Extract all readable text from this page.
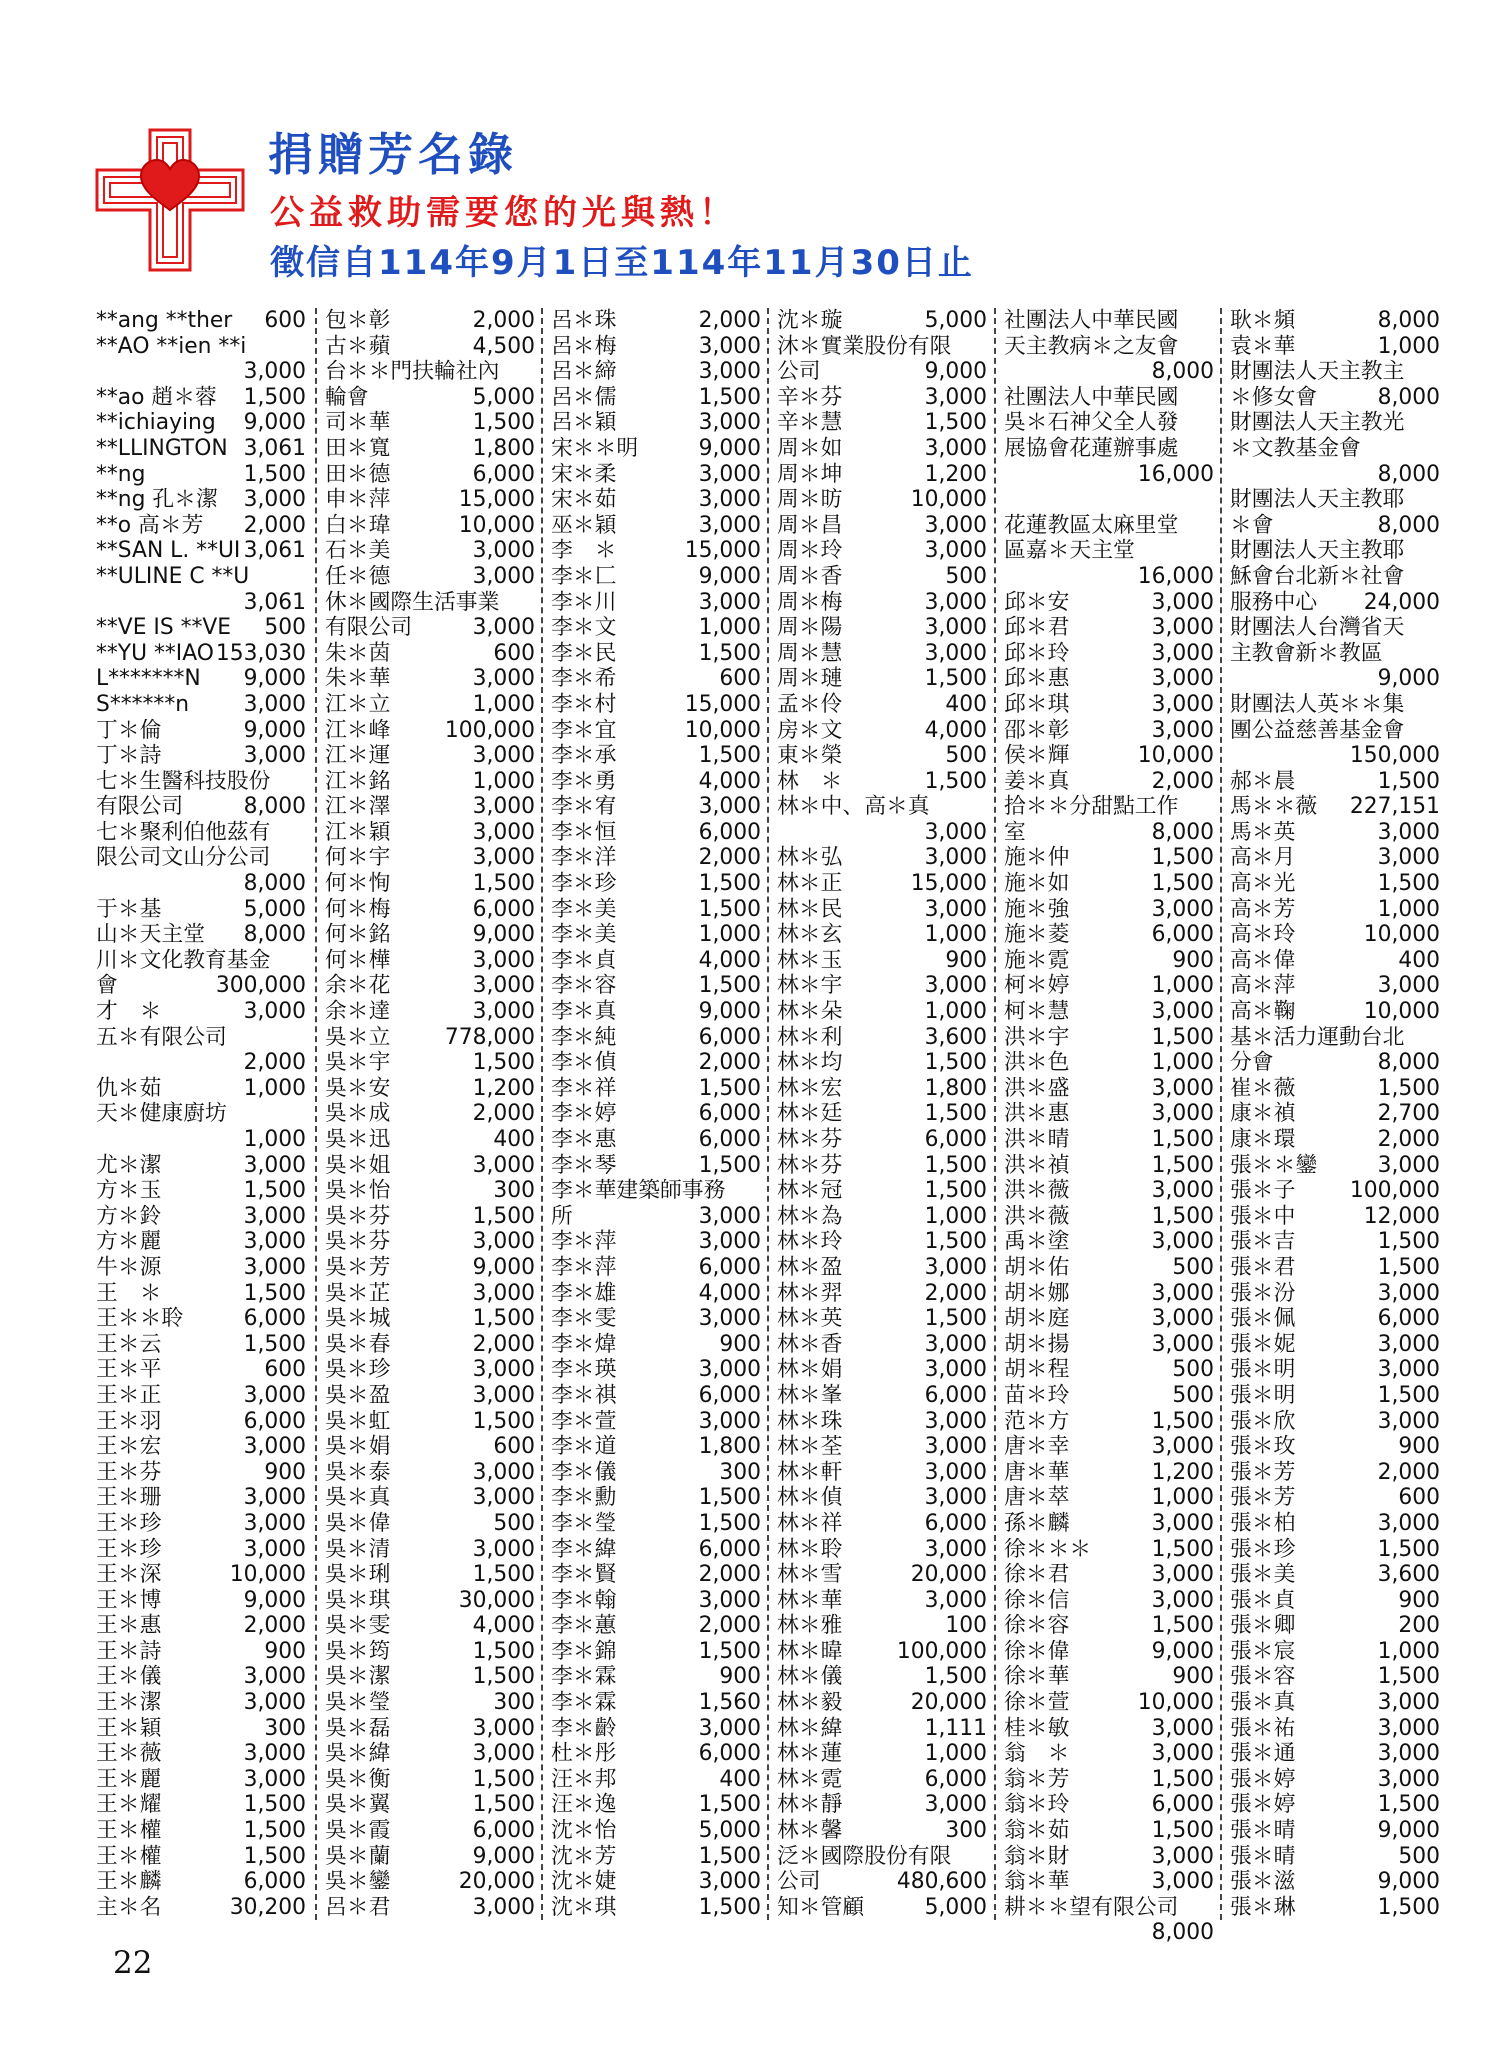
捐贈芳名錄
公益救助需要您的光與熱！
徵信自114年9月1日至114年11月30日止
**ang **ther	600
**AO **ien **i
3,000
**ao 趙＊蓉	1,500
**ichiaying	9,000
**LLINGTON 3,061
**ng	1,500
**ng 孔＊潔	3,000
**o 高＊芳	2,000
**SAN L. **UI 3,061
**ULINE C **U
3,061
**VE IS **VE	500
**YU **IAO 153,030
L*******N	9,000
S******n	3,000
丁＊倫	9,000
丁＊詩	3,000
七＊生醫科技股份
有限公司	8,000
七＊聚利伯他茲有
限公司文山分公司
8,000
于＊基	5,000
山＊天主堂	8,000
川＊文化教育基金
會	300,000
才　＊	3,000
五＊有限公司
2,000
仇＊茹	1,000
天＊健康廚坊
1,000
尤＊潔	3,000
方＊玉	1,500
方＊鈴	3,000
方＊麗	3,000
牛＊源	3,000
王　＊	1,500
王＊＊聆	6,000
王＊云	1,500
王＊平	600
王＊正	3,000
王＊羽	6,000
王＊宏	3,000
王＊芬	900
王＊珊	3,000
王＊珍	3,000
王＊珍	3,000
王＊深	10,000
王＊博	9,000
王＊惠	2,000
王＊詩	900
王＊儀	3,000
王＊潔	3,000
王＊穎	300
王＊薇	3,000
王＊麗	3,000
王＊耀	1,500
王＊權	1,500
王＊權	1,500
王＊麟	6,000
主＊名	30,200
包＊彰	2,000
古＊蘋	4,500
台＊＊門扶輪社內
輪會	5,000
司＊華	1,500
田＊寬	1,800
田＊德	6,000
申＊萍	15,000
白＊瑋	10,000
石＊美	3,000
任＊德	3,000
休＊國際生活事業
有限公司	3,000
朱＊茵	600
朱＊華	3,000
江＊立	1,000
江＊峰	100,000
江＊運	3,000
江＊銘	1,000
江＊澤	3,000
江＊穎	3,000
何＊宇	3,000
何＊恂	1,500
何＊梅	6,000
何＊銘	9,000
何＊樺	3,000
余＊花	3,000
余＊達	3,000
吳＊立	778,000
吳＊宇	1,500
吳＊安	1,200
吳＊成	2,000
吳＊迅	400
吳＊姐	3,000
吳＊怡	300
吳＊芬	1,500
吳＊芬	3,000
吳＊芳	9,000
吳＊芷	3,000
吳＊城	1,500
吳＊春	2,000
吳＊珍	3,000
吳＊盈	3,000
吳＊虹	1,500
吳＊娟	600
吳＊泰	3,000
吳＊真	3,000
吳＊偉	500
吳＊清	3,000
吳＊琍	1,500
吳＊琪	30,000
吳＊雯	4,000
吳＊筠	1,500
吳＊潔	1,500
吳＊瑩	300
吳＊磊	3,000
吳＊緯	3,000
吳＊衡	1,500
吳＊翼	1,500
吳＊霞	6,000
吳＊蘭	9,000
吳＊鑾	20,000
呂＊君	3,000
呂＊珠	2,000
呂＊梅	3,000
呂＊締	3,000
呂＊儒	1,500
呂＊穎	3,000
宋＊＊明	9,000
宋＊柔	3,000
宋＊茹	3,000
巫＊穎	3,000
李　＊	15,000
李＊匚	9,000
李＊川	3,000
李＊文	1,000
李＊民	1,500
李＊希	600
李＊村	15,000
李＊宜	10,000
李＊承	1,500
李＊勇	4,000
李＊宥	3,000
李＊恒	6,000
李＊洋	2,000
李＊珍	1,500
李＊美	1,500
李＊美	1,000
李＊貞	4,000
李＊容	1,500
李＊真	9,000
李＊純	6,000
李＊偵	2,000
李＊祥	1,500
李＊婷	6,000
李＊惠	6,000
李＊琴	1,500
李＊華建築師事務
所	3,000
李＊萍	3,000
李＊萍	6,000
李＊雄	4,000
李＊雯	3,000
李＊煒	900
李＊瑛	3,000
李＊祺	6,000
李＊萱	3,000
李＊道	1,800
李＊儀	300
李＊勳	1,500
李＊瑩	1,500
李＊緯	6,000
李＊賢	2,000
李＊翰	3,000
李＊蕙	2,000
李＊錦	1,500
李＊霖	900
李＊霖	1,560
李＊齡	3,000
杜＊彤	6,000
汪＊邦	400
汪＊逸	1,500
沈＊怡	5,000
沈＊芳	1,500
沈＊婕	3,000
沈＊琪	1,500
沈＊璇	5,000
沐＊實業股份有限
公司	9,000
辛＊芬	3,000
辛＊慧	1,500
周＊如	3,000
周＊坤	1,200
周＊昉	10,000
周＊昌	3,000
周＊玲	3,000
周＊香	500
周＊梅	3,000
周＊陽	3,000
周＊慧	3,000
周＊璉	1,500
孟＊伶	400
房＊文	4,000
東＊榮	500
林　＊	1,500
林＊中、高＊真
3,000
林＊弘	3,000
林＊正	15,000
林＊民	3,000
林＊玄	1,000
林＊玉	900
林＊宇	3,000
林＊朵	1,000
林＊利	3,600
林＊均	1,500
林＊宏	1,800
林＊廷	1,500
林＊芬	6,000
林＊芬	1,500
林＊冠	1,500
林＊為	1,000
林＊玲	1,500
林＊盈	3,000
林＊羿	2,000
林＊英	1,500
林＊香	3,000
林＊娟	3,000
林＊峯	6,000
林＊珠	3,000
林＊荃	3,000
林＊軒	3,000
林＊偵	3,000
林＊祥	6,000
林＊聆	3,000
林＊雪	20,000
林＊華	3,000
林＊雅	100
林＊暐	100,000
林＊儀	1,500
林＊毅	20,000
林＊緯	1,111
林＊蓮	1,000
林＊霓	6,000
林＊靜	3,000
林＊馨	300
泛＊國際股份有限
公司	480,600
知＊管顧	5,000
社團法人中華民國
天主教病＊之友會
8,000
社團法人中華民國
吳＊石神父全人發
展協會花蓮辦事處
16,000
花蓮教區太麻里堂
區嘉＊天主堂
16,000
邱＊安	3,000
邱＊君	3,000
邱＊玲	3,000
邱＊惠	3,000
邱＊琪	3,000
邵＊彰	3,000
侯＊輝	10,000
姜＊真	2,000
拾＊＊分甜點工作
室	8,000
施＊仲	1,500
施＊如	1,500
施＊強	3,000
施＊菱	6,000
施＊霓	900
柯＊婷	1,000
柯＊慧	3,000
洪＊宇	1,500
洪＊色	1,000
洪＊盛	3,000
洪＊惠	3,000
洪＊晴	1,500
洪＊禎	1,500
洪＊薇	3,000
洪＊薇	1,500
禹＊塗	3,000
胡＊佑	500
胡＊娜	3,000
胡＊庭	3,000
胡＊揚	3,000
胡＊程	500
苗＊玲	500
范＊方	1,500
唐＊幸	3,000
唐＊華	1,200
唐＊萃	1,000
孫＊麟	3,000
徐＊＊＊	1,500
徐＊君	3,000
徐＊信	3,000
徐＊容	1,500
徐＊偉	9,000
徐＊華	900
徐＊萱	10,000
桂＊敏	3,000
翁　＊	3,000
翁＊芳	1,500
翁＊玲	6,000
翁＊茹	1,500
翁＊財	3,000
翁＊華	3,000
耕＊＊望有限公司
8,000
耿＊頻	8,000
袁＊華	1,000
財團法人天主教主
＊修女會	8,000
財團法人天主教光
＊文教基金會
8,000
財團法人天主教耶
＊會	8,000
財團法人天主教耶
穌會台北新＊社會
服務中心	24,000
財團法人台灣省天
主教會新＊教區
9,000
財團法人英＊＊集
團公益慈善基金會
150,000
郝＊晨	1,500
馬＊＊薇	227,151
馬＊英	3,000
高＊月	3,000
高＊光	1,500
高＊芳	1,000
高＊玲	10,000
高＊偉	400
高＊萍	3,000
高＊鞠	10,000
基＊活力運動台北
分會	8,000
崔＊薇	1,500
康＊禎	2,700
康＊環	2,000
張＊＊鑾	3,000
張＊子	100,000
張＊中	12,000
張＊吉	1,500
張＊君	1,500
張＊汾	3,000
張＊佩	6,000
張＊妮	3,000
張＊明	3,000
張＊明	1,500
張＊欣	3,000
張＊玫	900
張＊芳	2,000
張＊芳	600
張＊柏	3,000
張＊珍	1,500
張＊美	3,600
張＊貞	900
張＊卿	200
張＊宸	1,000
張＊容	1,500
張＊真	3,000
張＊祐	3,000
張＊通	3,000
張＊婷	3,000
張＊婷	1,500
張＊晴	9,000
張＊晴	500
張＊滋	9,000
張＊琳	1,500
22
